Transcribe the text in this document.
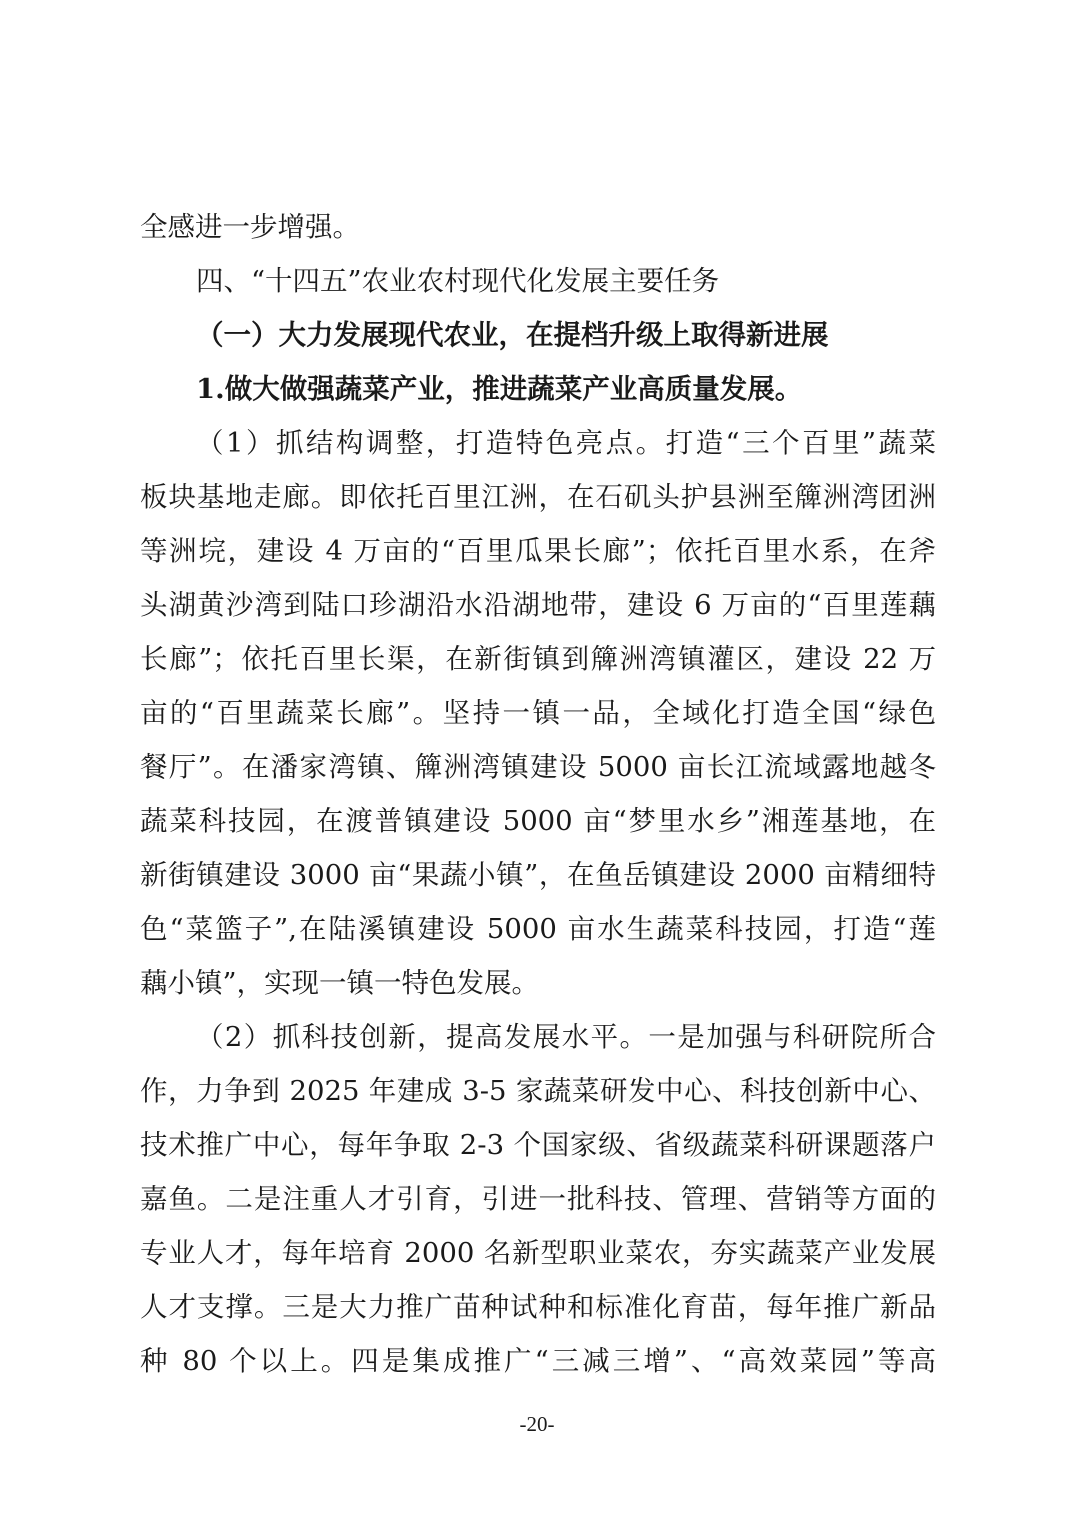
全感进一步增强。
四、“十四五”农业农村现代化发展主要任务
（一）大力发展现代农业，在提档升级上取得新进展
1.做大做强蔬菜产业，推进蔬菜产业高质量发展。
（1）抓结构调整，打造特色亮点。打造“三个百里”蔬菜
板块基地走廊。即依托百里江洲，在石矶头护县洲至簰洲湾团洲
等洲垸，建设 4 万亩的“百里瓜果长廊”；依托百里水系，在斧
头湖黄沙湾到陆口珍湖沿水沿湖地带，建设 6 万亩的“百里莲藕
长廊”；依托百里长渠，在新街镇到簰洲湾镇灌区，建设 22 万
亩的“百里蔬菜长廊”。坚持一镇一品，全域化打造全国“绿色
餐厅”。在潘家湾镇、簰洲湾镇建设 5000 亩长江流域露地越冬
蔬菜科技园，在渡普镇建设 5000 亩“梦里水乡”湘莲基地，在
新街镇建设 3000 亩“果蔬小镇”，在鱼岳镇建设 2000 亩精细特
色“菜篮子”,在陆溪镇建设 5000 亩水生蔬菜科技园，打造“莲
藕小镇”，实现一镇一特色发展。
（2）抓科技创新，提高发展水平。一是加强与科研院所合
作，力争到 2025 年建成 3-5 家蔬菜研发中心、科技创新中心、
技术推广中心，每年争取 2-3 个国家级、省级蔬菜科研课题落户
嘉鱼。二是注重人才引育，引进一批科技、管理、营销等方面的
专业人才，每年培育 2000 名新型职业菜农，夯实蔬菜产业发展
人才支撑。三是大力推广苗种试种和标准化育苗，每年推广新品
种 80 个以上。四是集成推广“三减三增”、“高效菜园”等高
-20-
